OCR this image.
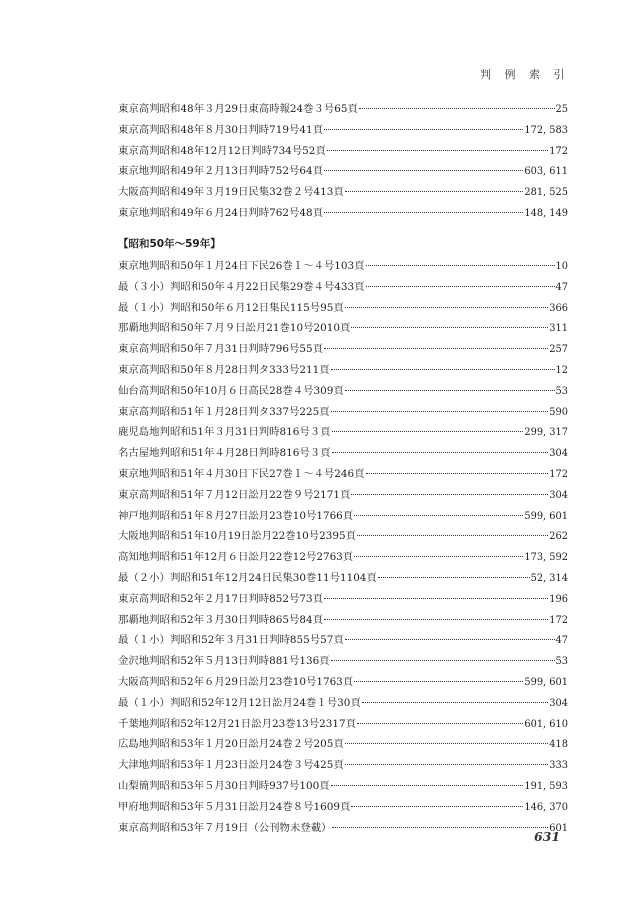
判 例 索 引
東京高判昭和48年３月29日東高時報24巻３号65頁	25
東京高判昭和48年８月30日判時719号41頁	172, 583
東京高判昭和48年12月12日判時734号52頁	172
東京地判昭和49年２月13日判時752号64頁	603, 611
大阪高判昭和49年３月19日民集32巻２号413頁	281, 525
東京地判昭和49年６月24日判時762号48頁	148, 149
【昭和50年～59年】
東京地判昭和50年１月24日下民26巻１～４号103頁	10
最（３小）判昭和50年４月22日民集29巻４号433頁	47
最（１小）判昭和50年６月12日集民115号95頁	366
那覇地判昭和50年７月９日訟月21巻10号2010頁	311
東京高判昭和50年７月31日判時796号55頁	257
東京高判昭和50年８月28日判タ333号211頁	12
仙台高判昭和50年10月６日高民28巻４号309頁	53
東京高判昭和51年１月28日判タ337号225頁	590
鹿児島地判昭和51年３月31日判時816号３頁	299, 317
名古屋地判昭和51年４月28日判時816号３頁	304
東京地判昭和51年４月30日下民27巻１～４号246頁	172
東京高判昭和51年７月12日訟月22巻９号2171頁	304
神戸地判昭和51年８月27日訟月23巻10号1766頁	599, 601
大阪地判昭和51年10月19日訟月22巻10号2395頁	262
高知地判昭和51年12月６日訟月22巻12号2763頁	173, 592
最（２小）判昭和51年12月24日民集30巻11号1104頁	52, 314
東京高判昭和52年２月17日判時852号73頁	196
那覇地判昭和52年３月30日判時865号84頁	172
最（１小）判昭和52年３月31日判時855号57頁	47
金沢地判昭和52年５月13日判時881号136頁	53
大阪高判昭和52年６月29日訟月23巻10号1763頁	599, 601
最（１小）判昭和52年12月12日訟月24巻１号30頁	304
千葉地判昭和52年12月21日訟月23巻13号2317頁	601, 610
広島地判昭和53年１月20日訟月24巻２号205頁	418
大津地判昭和53年１月23日訟月24巻３号425頁	333
山梨簡判昭和53年５月30日判時937号100頁	191, 593
甲府地判昭和53年５月31日訟月24巻８号1609頁	146, 370
東京高判昭和53年７月19日（公刊物未登載）	601
631
